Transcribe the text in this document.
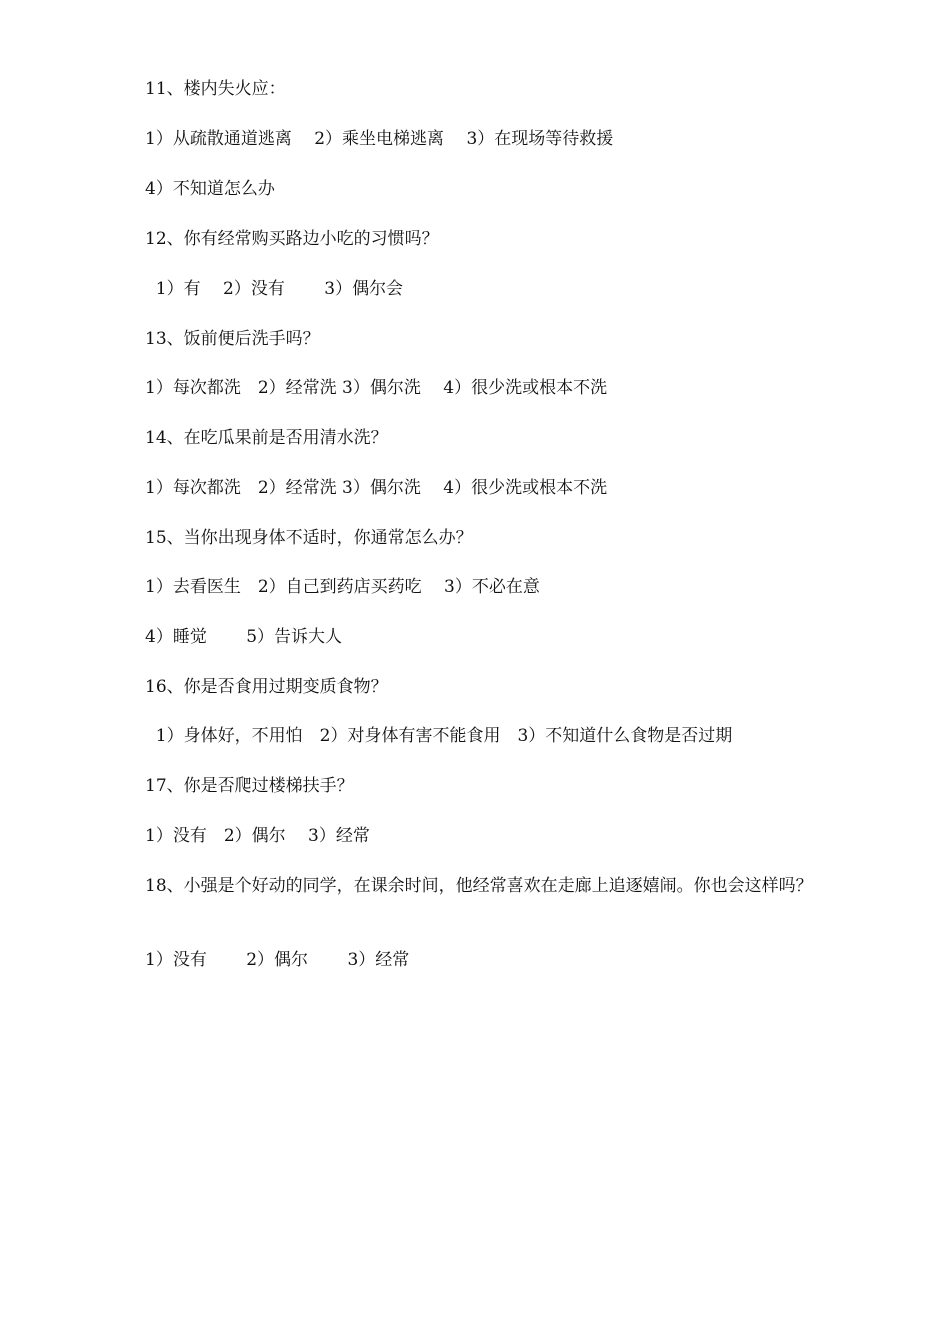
11、楼内失火应：
1）从疏散通道逃离　 2）乘坐电梯逃离　 3）在现场等待救援
4）不知道怎么办
12、你有经常购买路边小吃的习惯吗？
1）有　 2）没有　　 3）偶尔会
13、饭前便后洗手吗？
1）每次都洗　2）经常洗 3）偶尔洗　 4）很少洗或根本不洗
14、在吃瓜果前是否用清水洗？
1）每次都洗　2）经常洗 3）偶尔洗　 4）很少洗或根本不洗
15、当你出现身体不适时，你通常怎么办？
1）去看医生　2）自己到药店买药吃　 3）不必在意
4）睡觉　　 5）告诉大人
16、你是否食用过期变质食物？
1）身体好，不用怕　2）对身体有害不能食用　3）不知道什么食物是否过期
17、你是否爬过楼梯扶手？
1）没有　2）偶尔　 3）经常
18、小强是个好动的同学，在课余时间，他经常喜欢在走廊上追逐嬉闹。你也会这样吗？
1）没有　　 2）偶尔　　 3）经常
